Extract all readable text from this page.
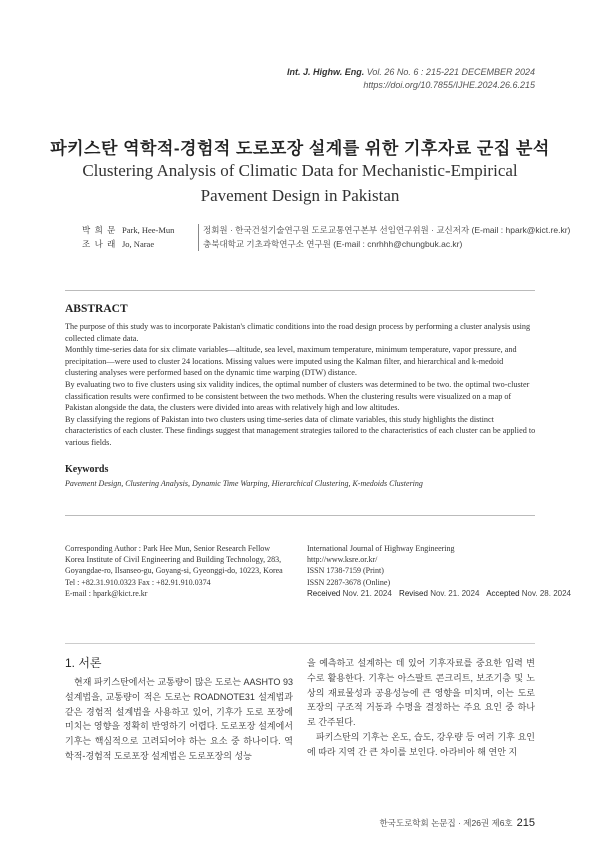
Int. J. Highw. Eng. Vol. 26 No. 6 : 215-221 DECEMBER 2024
https://doi.org/10.7855/IJHE.2024.26.6.215
파키스탄 역학적-경험적 도로포장 설계를 위한 기후자료 군집 분석
Clustering Analysis of Climatic Data for Mechanistic-Empirical Pavement Design in Pakistan
박 희 문 Park, Hee-Mun	정회원 · 한국건설기술연구원 도로교통연구본부 선임연구위원 · 교신저자 (E-mail : hpark@kict.re.kr)
조 나 래 Jo, Narae	충북대학교 기초과학연구소 연구원 (E-mail : cnrhhh@chungbuk.ac.kr)
ABSTRACT

The purpose of this study was to incorporate Pakistan's climatic conditions into the road design process by performing a cluster analysis using collected climate data.

Monthly time-series data for six climate variables—altitude, sea level, maximum temperature, minimum temperature, vapor pressure, and precipitation—were used to cluster 24 locations. Missing values were imputed using the Kalman filter, and hierarchical and k-medoid clustering analyses were performed based on the dynamic time warping (DTW) distance.

By evaluating two to five clusters using six validity indices, the optimal number of clusters was determined to be two. the optimal two-cluster classification results were confirmed to be consistent between the two methods. When the clustering results were visualized on a map of Pakistan alongside the data, the clusters were divided into areas with relatively high and low altitudes.

By classifying the regions of Pakistan into two clusters using time-series data of climate variables, this study highlights the distinct characteristics of each cluster. These findings suggest that management strategies tailored to the characteristics of each cluster can be applied to various fields.

Keywords
Pavement Design, Clustering Analysis, Dynamic Time Warping, Hierarchical Clustering, K-medoids Clustering
Corresponding Author : Park Hee Mun, Senior Research Fellow
Korea Institute of Civil Engineering and Building Technology, 283,
Goyangdae-ro, Ilsanseo-gu, Goyang-si, Gyeonggi-do, 10223, Korea
Tel : +82.31.910.0323 Fax : +82.91.910.0374
E-mail : hpark@kict.re.kr
International Journal of Highway Engineering
http://www.ksre.or.kr/
ISSN 1738-7159 (Print)
ISSN 2287-3678 (Online)
Received Nov. 21. 2024 Revised Nov. 21. 2024 Accepted Nov. 28. 2024
1. 서론

현재 파키스탄에서는 교통량이 많은 도로는 AASHTO 93 설계법을, 교통량이 적은 도로는 ROADNOTE31 설계법과 같은 경험적 설계법을 사용하고 있어, 기후가 도로 포장에 미치는 영향을 정확히 반영하기 어렵다. 도로포장 설계에서 기후는 핵심적으로 고려되어야 하는 요소 중 하나이다. 역학적-경험적 도로포장 설계법은 도로포장의 성능

을 예측하고 설계하는 데 있어 기후자료를 중요한 입력 변수로 활용한다. 기후는 아스팔트 콘크리트, 보조기층 및 노상의 재료물성과 공용성능에 큰 영향을 미치며, 이는 도로포장의 구조적 거동과 수명을 결정하는 주요 요인 중 하나로 간주된다.

파키스탄의 기후는 온도, 습도, 강우량 등 여러 기후 요인에 따라 지역 간 큰 차이를 보인다. 아라비아 해 연안 지

한국도로학회 논문집 · 제26권 제6호 215
